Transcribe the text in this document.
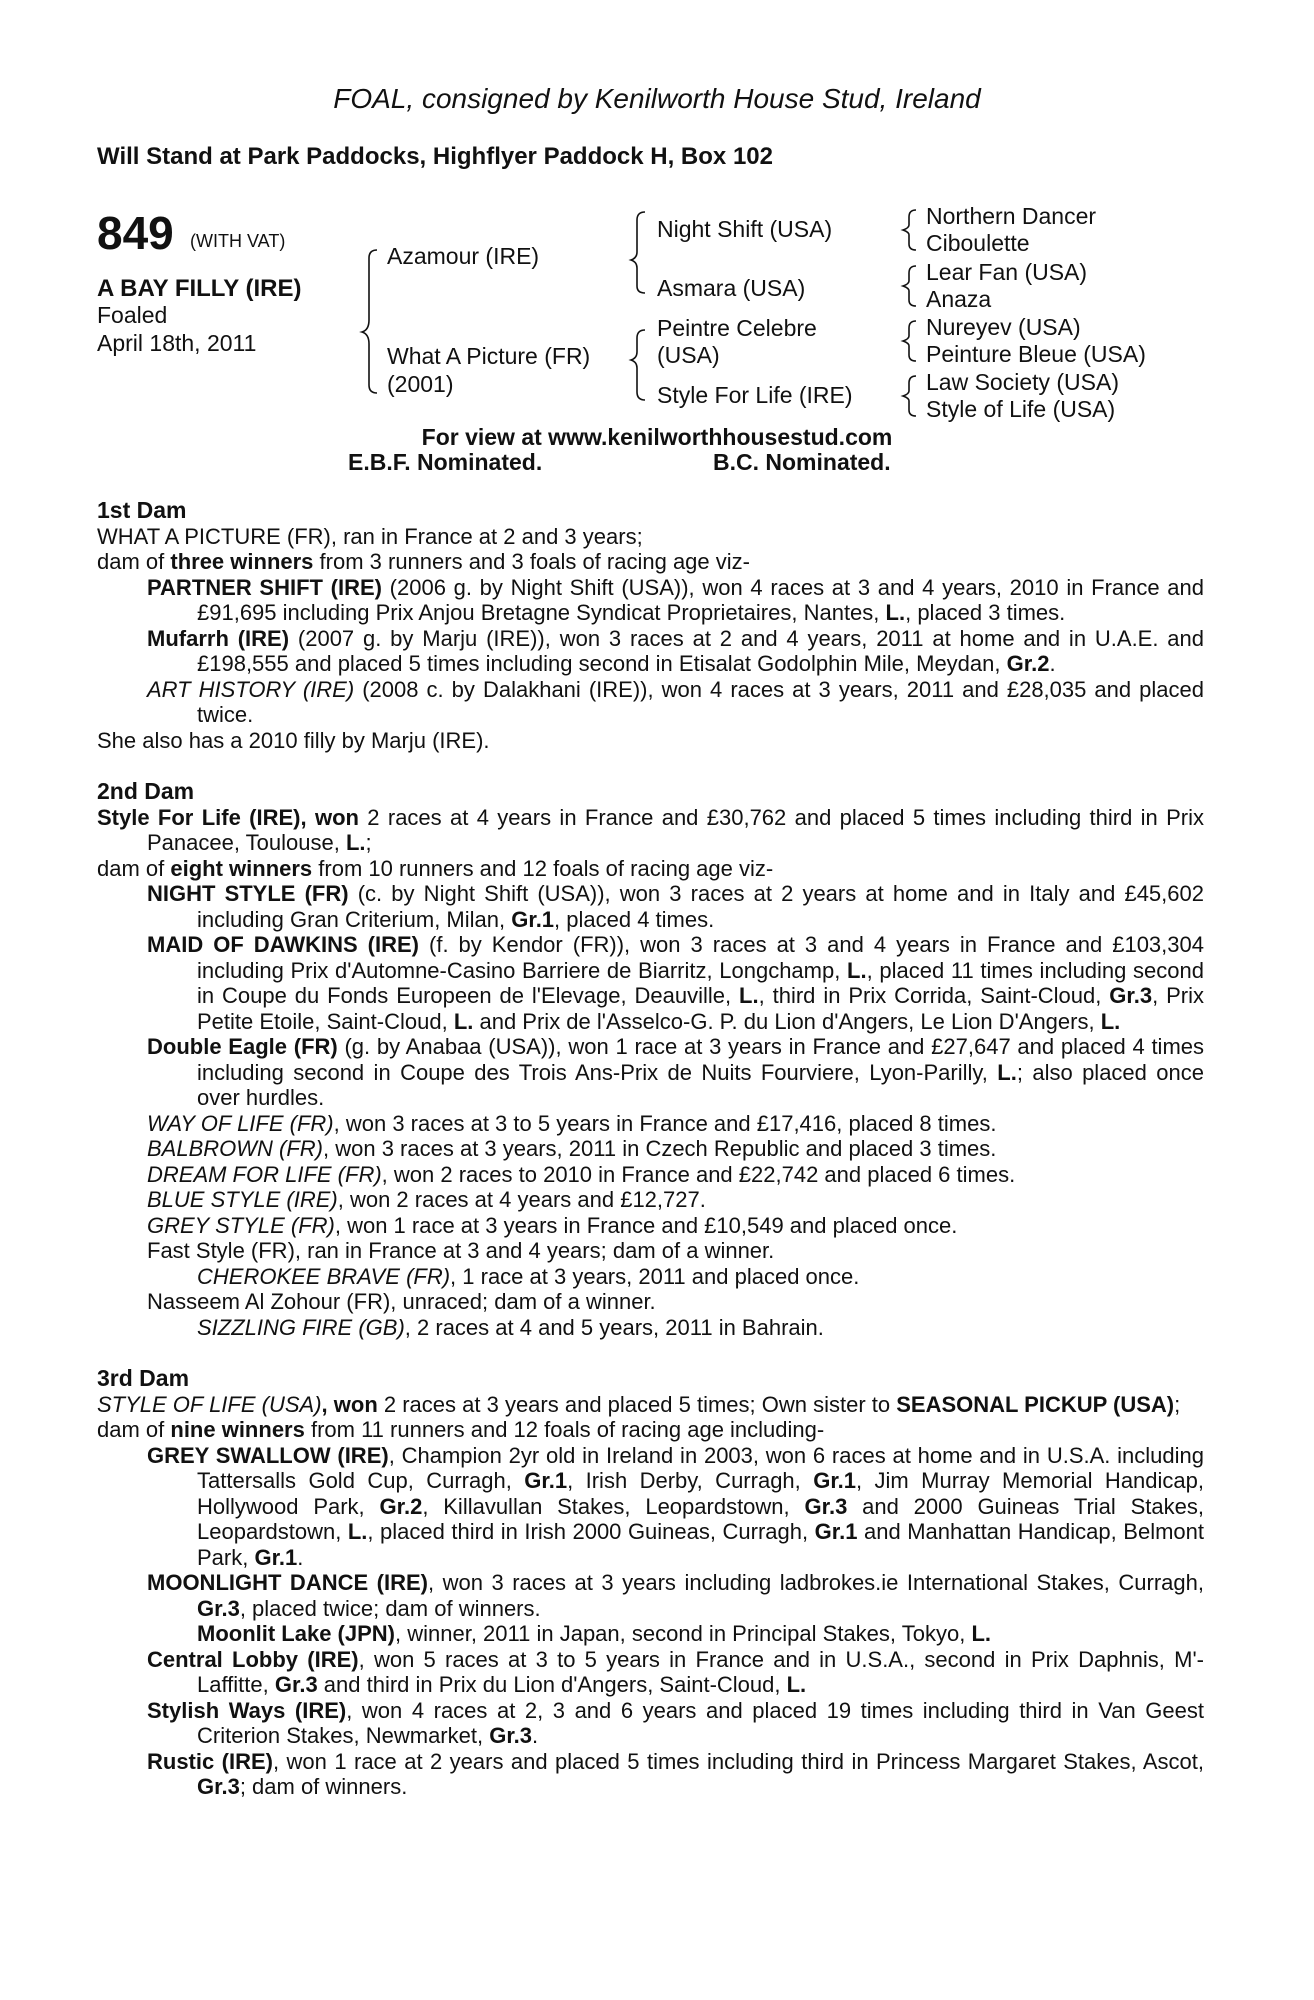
FOAL, consigned by Kenilworth House Stud, Ireland
Will Stand at Park Paddocks, Highflyer Paddock H, Box 102
849 (WITH VAT)
A BAY FILLY (IRE)
Foaled
April 18th, 2011
Azamour (IRE)
What A Picture (FR)
(2001)
Night Shift (USA)
Asmara (USA)
Peintre Celebre
(USA)
Style For Life (IRE)
Northern Dancer
Ciboulette
Lear Fan (USA)
Anaza
Nureyev (USA)
Peinture Bleue (USA)
Law Society (USA)
Style of Life (USA)
For view at www.kenilworthhousestud.com
E.B.F. Nominated.	B.C. Nominated.

1st Dam

WHAT A PICTURE (FR), ran in France at 2 and 3 years;

dam of three winners from 3 runners and 3 foals of racing age viz-

PARTNER SHIFT (IRE) (2006 g. by Night Shift (USA)), won 4 races at 3 and 4 years, 2010 in France and £91,695 including Prix Anjou Bretagne Syndicat Proprietaires, Nantes, L., placed 3 times.

Mufarrh (IRE) (2007 g. by Marju (IRE)), won 3 races at 2 and 4 years, 2011 at home and in U.A.E. and £198,555 and placed 5 times including second in Etisalat Godolphin Mile, Meydan, Gr.2.

ART HISTORY (IRE) (2008 c. by Dalakhani (IRE)), won 4 races at 3 years, 2011 and £28,035 and placed twice.

She also has a 2010 filly by Marju (IRE).

2nd Dam

Style For Life (IRE), won 2 races at 4 years in France and £30,762 and placed 5 times including third in Prix Panacee, Toulouse, L.;

dam of eight winners from 10 runners and 12 foals of racing age viz-

NIGHT STYLE (FR) (c. by Night Shift (USA)), won 3 races at 2 years at home and in Italy and £45,602 including Gran Criterium, Milan, Gr.1, placed 4 times.

MAID OF DAWKINS (IRE) (f. by Kendor (FR)), won 3 races at 3 and 4 years in France and £103,304 including Prix d'Automne-Casino Barriere de Biarritz, Longchamp, L., placed 11 times including second in Coupe du Fonds Europeen de l'Elevage, Deauville, L., third in Prix Corrida, Saint-Cloud, Gr.3, Prix Petite Etoile, Saint-Cloud, L. and Prix de l'Asselco-G. P. du Lion d'Angers, Le Lion D'Angers, L.

Double Eagle (FR) (g. by Anabaa (USA)), won 1 race at 3 years in France and £27,647 and placed 4 times including second in Coupe des Trois Ans-Prix de Nuits Fourviere, Lyon-Parilly, L.; also placed once over hurdles.

WAY OF LIFE (FR), won 3 races at 3 to 5 years in France and £17,416, placed 8 times.

BALBROWN (FR), won 3 races at 3 years, 2011 in Czech Republic and placed 3 times.

DREAM FOR LIFE (FR), won 2 races to 2010 in France and £22,742 and placed 6 times.

BLUE STYLE (IRE), won 2 races at 4 years and £12,727.

GREY STYLE (FR), won 1 race at 3 years in France and £10,549 and placed once.

Fast Style (FR), ran in France at 3 and 4 years; dam of a winner.

CHEROKEE BRAVE (FR), 1 race at 3 years, 2011 and placed once.

Nasseem Al Zohour (FR), unraced; dam of a winner.

SIZZLING FIRE (GB), 2 races at 4 and 5 years, 2011 in Bahrain.

3rd Dam

STYLE OF LIFE (USA), won 2 races at 3 years and placed 5 times; Own sister to SEASONAL PICKUP (USA);

dam of nine winners from 11 runners and 12 foals of racing age including-

GREY SWALLOW (IRE), Champion 2yr old in Ireland in 2003, won 6 races at home and in U.S.A. including Tattersalls Gold Cup, Curragh, Gr.1, Irish Derby, Curragh, Gr.1, Jim Murray Memorial Handicap, Hollywood Park, Gr.2, Killavullan Stakes, Leopardstown, Gr.3 and 2000 Guineas Trial Stakes, Leopardstown, L., placed third in Irish 2000 Guineas, Curragh, Gr.1 and Manhattan Handicap, Belmont Park, Gr.1.

MOONLIGHT DANCE (IRE), won 3 races at 3 years including ladbrokes.ie International Stakes, Curragh, Gr.3, placed twice; dam of winners.

Moonlit Lake (JPN), winner, 2011 in Japan, second in Principal Stakes, Tokyo, L.

Central Lobby (IRE), won 5 races at 3 to 5 years in France and in U.S.A., second in Prix Daphnis, M'-Laffitte, Gr.3 and third in Prix du Lion d'Angers, Saint-Cloud, L.

Stylish Ways (IRE), won 4 races at 2, 3 and 6 years and placed 19 times including third in Van Geest Criterion Stakes, Newmarket, Gr.3.

Rustic (IRE), won 1 race at 2 years and placed 5 times including third in Princess Margaret Stakes, Ascot, Gr.3; dam of winners.
